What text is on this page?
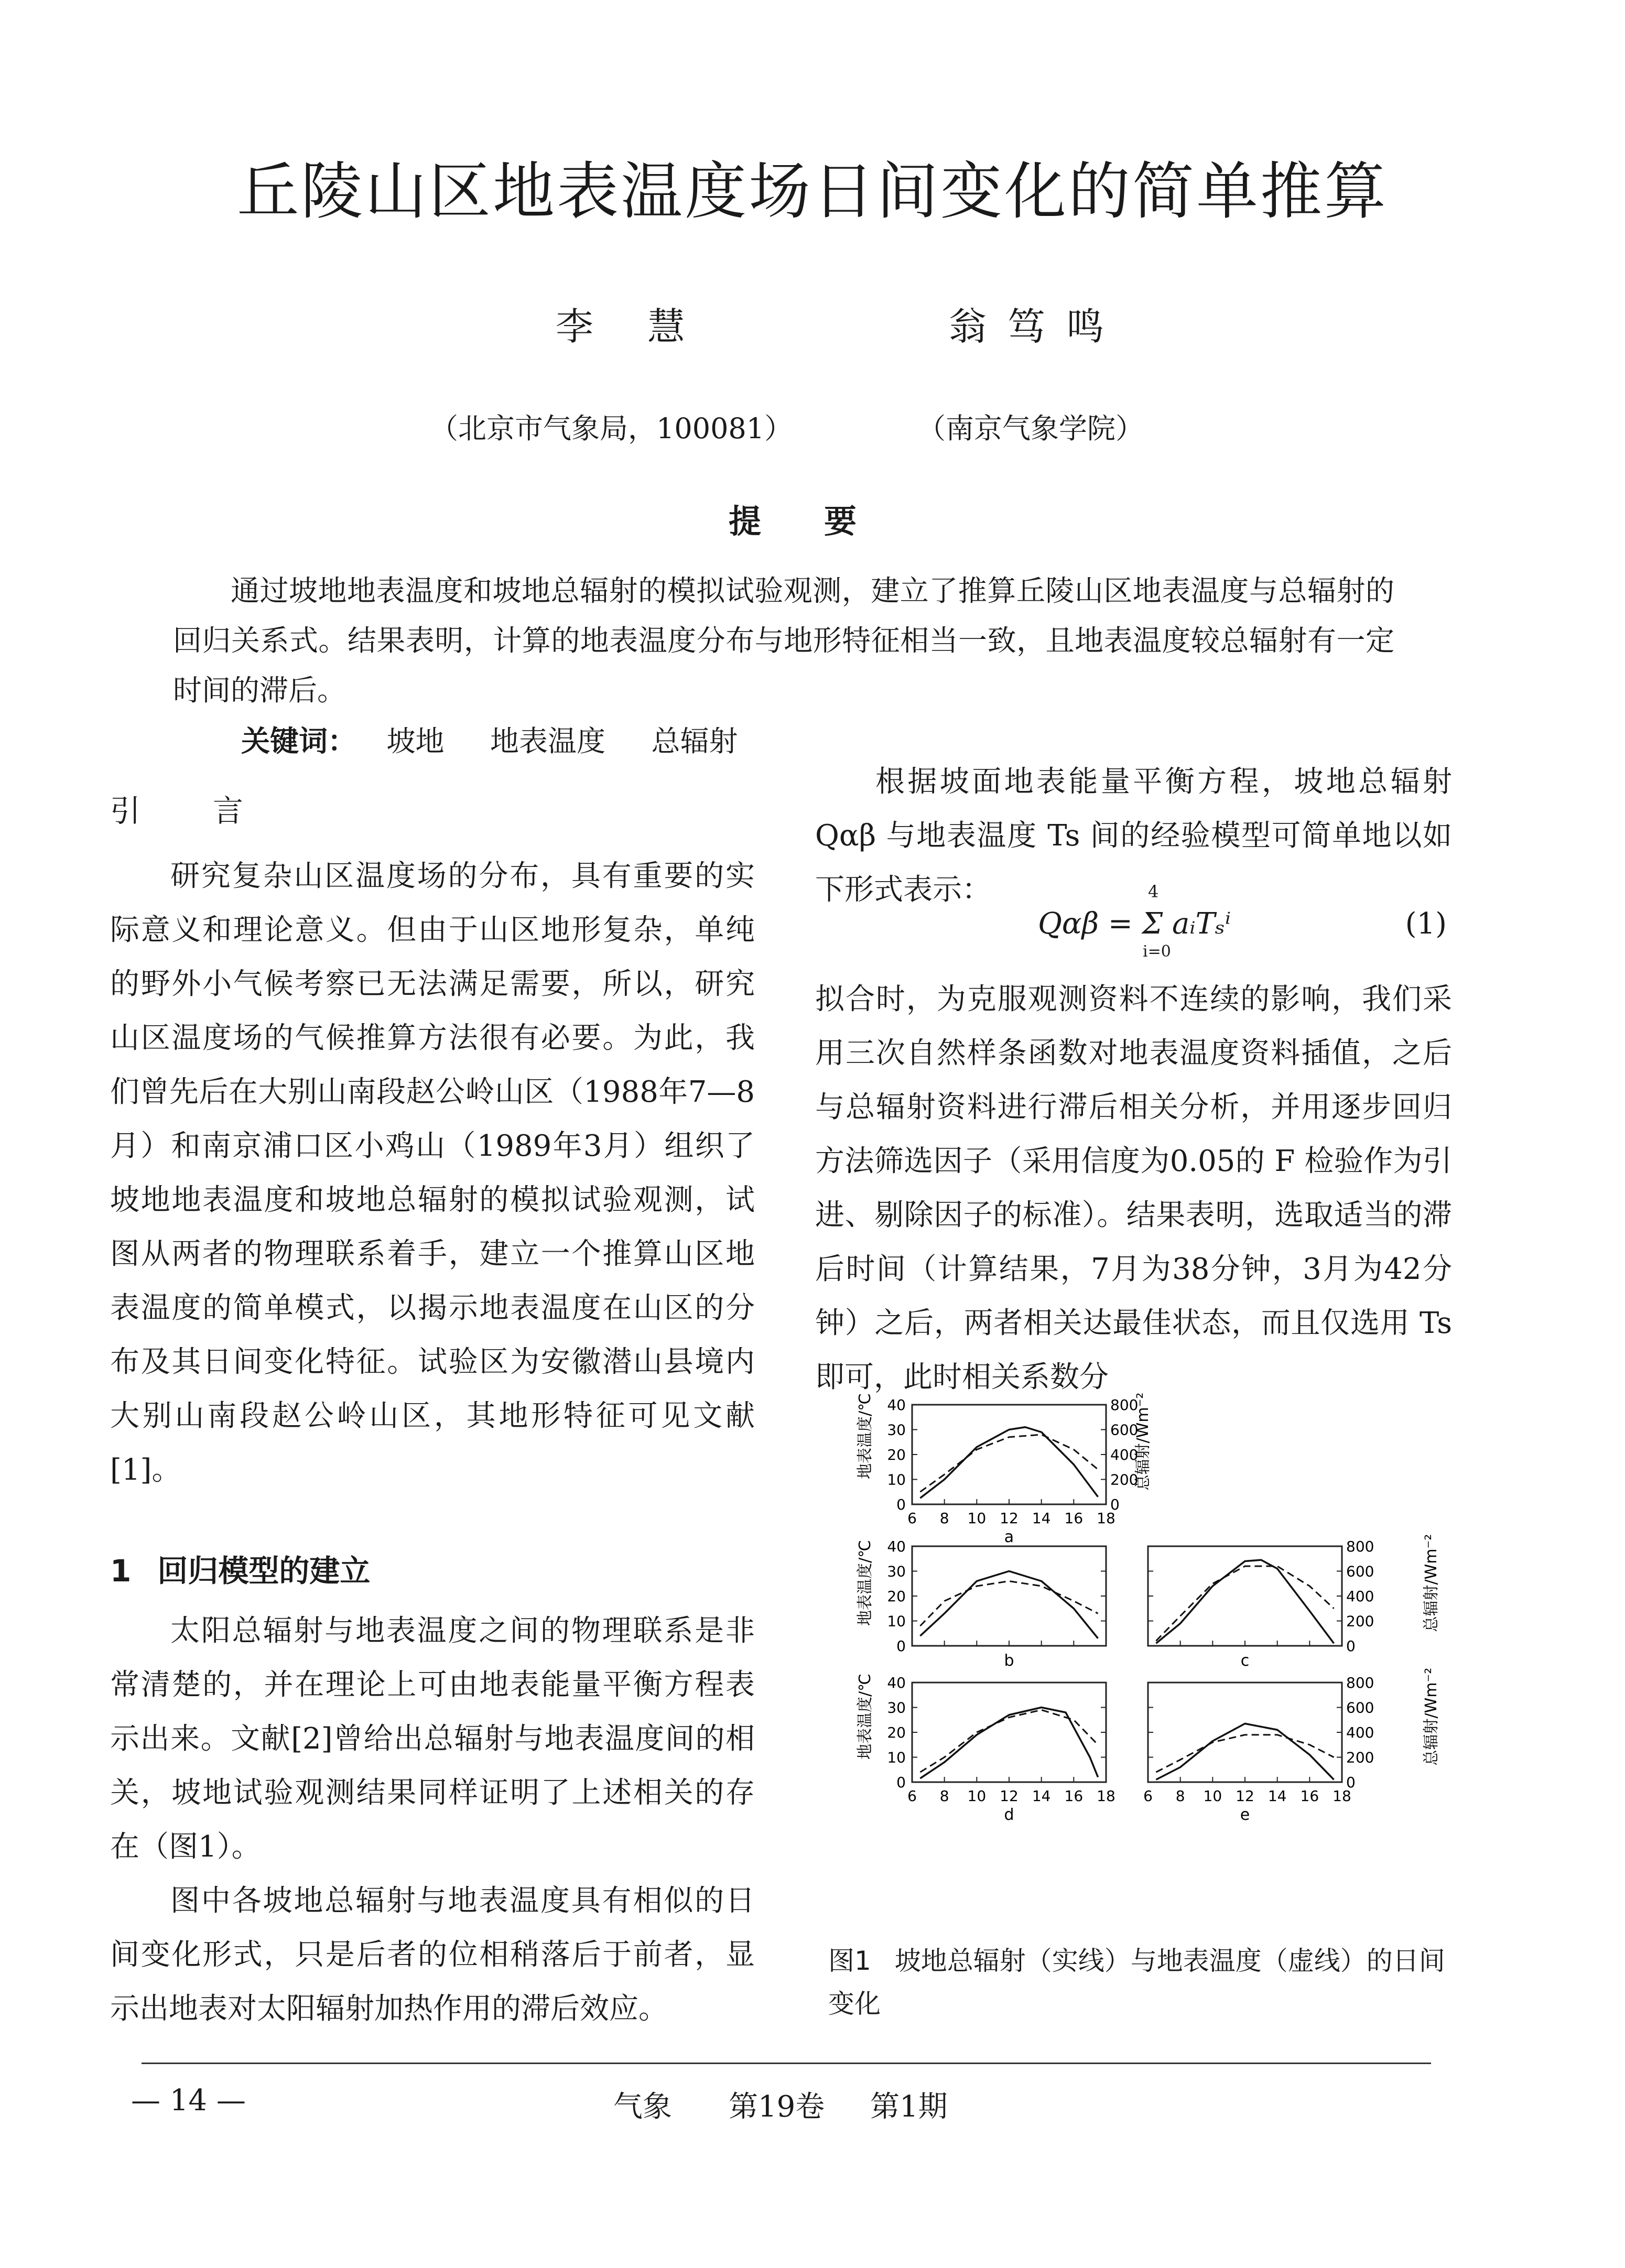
丘陵山区地表温度场日间变化的简单推算
李 慧	翁笃鸣
（北京市气象局，100081）	（南京气象学院）
提要
通过坡地地表温度和坡地总辐射的模拟试验观测，建立了推算丘陵山区地表温度与总辐射的回归关系式。结果表明，计算的地表温度分布与地形特征相当一致，且地表温度较总辐射有一定时间的滞后。
关键词： 坡地 地表温度 总辐射
引　言

研究复杂山区温度场的分布，具有重要的实际意义和理论意义。但由于山区地形复杂，单纯的野外小气候考察已无法满足需要，所以，研究山区温度场的气候推算方法很有必要。为此，我们曾先后在大别山南段赵公岭山区（1988年7—8月）和南京浦口区小鸡山（1989年3月）组织了坡地地表温度和坡地总辐射的模拟试验观测，试图从两者的物理联系着手，建立一个推算山区地表温度的简单模式，以揭示地表温度在山区的分布及其日间变化特征。试验区为安徽潜山县境内大别山南段赵公岭山区，其地形特征可见文献[1]。

1 回归模型的建立

太阳总辐射与地表温度之间的物理联系是非常清楚的，并在理论上可由地表能量平衡方程表示出来。文献[2]曾给出总辐射与地表温度间的相关，坡地试验观测结果同样证明了上述相关的存在（图1）。

图中各坡地总辐射与地表温度具有相似的日间变化形式，只是后者的位相稍落后于前者，显示出地表对太阳辐射加热作用的滞后效应。

根据坡面地表能量平衡方程，坡地总辐射 Qαβ 与地表温度 Ts 间的经验模型可简单地以如下形式表示：

Qαβ = Σ aᵢTₛⁱ
4
i=0
(1)

拟合时，为克服观测资料不连续的影响，我们采用三次自然样条函数对地表温度资料插值，之后与总辐射资料进行滞后相关分析，并用逐步回归方法筛选因子（采用信度为0.05的 F 检验作为引进、剔除因子的标准）。结果表明，选取适当的滞后时间（计算结果，7月为38分钟，3月为42分钟）之后，两者相关达最佳状态，而且仅选用 Ts 即可，此时相关系数分

地表温度/℃
地表温度/℃
地表温度/℃
总辐射/Wm⁻²
总辐射/Wm⁻²
总辐射/Wm⁻²
0
10
20
30
40
0
200
400
600
800
6 8 10 12 14 16 18
a
0
10
20
30
40
b
0
200
400
600
800
c
0
10
20
30
40
6 8 10 12 14 16 18
d
0
200
400
600
800
6 8 10 12 14 16 18
e
图1 坡地总辐射（实线）与地表温度（虚线）的日间变化
— 14 —	气象 第19卷 第1期
